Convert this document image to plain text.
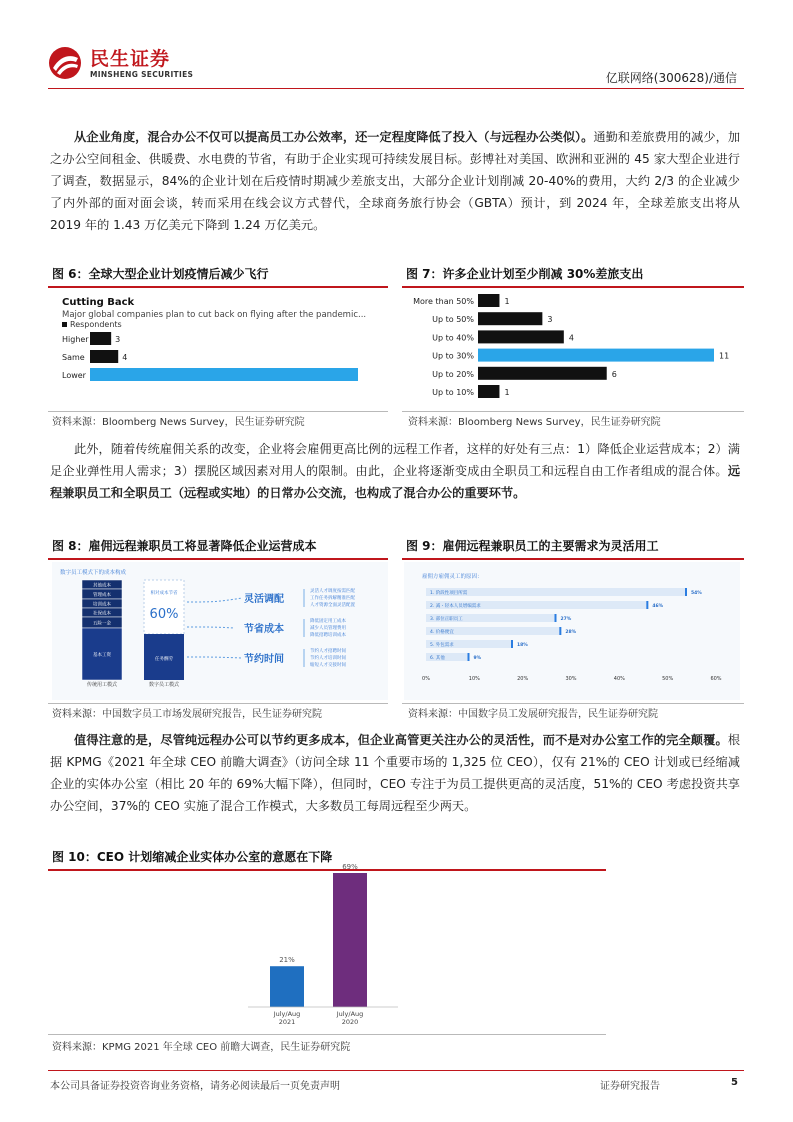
民生证券
MINSHENG SECURITIES	亿联网络(300628)/通信

从企业角度，混合办公不仅可以提高员工办公效率，还一定程度降低了投入（与远程办公类似）。通勤和差旅费用的减少，加之办公空间租金、供暖费、水电费的节省，有助于企业实现可持续发展目标。彭博社对美国、欧洲和亚洲的 45 家大型企业进行了调查，数据显示，84%的企业计划在后疫情时期减少差旅支出，大部分企业计划削减 20-40%的费用，大约 2/3 的企业减少了内外部的面对面会谈，转而采用在线会议方式替代，全球商务旅行协会（GBTA）预计，到 2024 年，全球差旅支出将从 2019 年的 1.43 万亿美元下降到 1.24 万亿美元。

图 6：全球大型企业计划疫情后减少飞行
Cutting Back
Major global companies plan to cut back on flying after the pandemic...
Respondents
Higher	3
Same	4
Lower
资料来源：Bloomberg News Survey，民生证券研究院
图 7：许多企业计划至少削减 30%差旅支出
More than 50%	1
Up to 50%	3
Up to 40%	4
Up to 30%	11
Up to 20%	6
Up to 10%	1
资料来源：Bloomberg News Survey，民生证券研究院

此外，随着传统雇佣关系的改变，企业将会雇佣更高比例的远程工作者，这样的好处有三点：1）降低企业运营成本；2）满足企业弹性用人需求；3）摆脱区域因素对用人的限制。由此，企业将逐渐变成由全职员工和远程自由工作者组成的混合体。远程兼职员工和全职员工（远程或实地）的日常办公交流，也构成了混合办公的重要环节。

图 8：雇佣远程兼职员工将显著降低企业运营成本
数字员工模式下的成本构成
其他成本
管理成本
培训成本
社保成本
五险一金
基本工资
传统用工模式
相对成本节省
60%
任务酬劳
数字员工模式
灵活调配
灵活人才调度按需匹配
工作任务拆解精准匹配
人才资源全面灵活配置
节省成本
降低固定用工成本
减少人员管理费用
降低招聘培训成本
节约时间
节约人才招聘时间
节约人才培训时间
缩短人才交接时间
资料来源：中国数字员工市场发展研究报告，民生证券研究院
图 9：雇佣远程兼职员工的主要需求为灵活用工
雇佣方雇佣灵工的原因：
1. 阶段性项目所需	54%
2. 减・轻本人员增编需求	46%
3. 部位正职员工	27%
4. 价格便宜	28%
5. 外包需求	18%
6. 其他	9%
0%	10%	20%	30%	40%	50%	60%
资料来源：中国数字员工发展研究报告，民生证券研究院

值得注意的是，尽管纯远程办公可以节约更多成本，但企业高管更关注办公的灵活性，而不是对办公室工作的完全颠覆。根据 KPMG《2021 年全球 CEO 前瞻大调查》（访问全球 11 个重要市场的 1,325 位 CEO），仅有 21%的 CEO 计划或已经缩减企业的实体办公室（相比 20 年的 69%大幅下降），但同时，CEO 专注于为员工提供更高的灵活度，51%的 CEO 考虑投资共享办公空间，37%的 CEO 实施了混合工作模式，大多数员工每周远程至少两天。

图 10：CEO 计划缩减企业实体办公室的意愿在下降
21%
July/Aug
2021
69%
July/Aug
2020
资料来源：KPMG 2021 年全球 CEO 前瞻大调查，民生证券研究院
本公司具备证券投资咨询业务资格，请务必阅读最后一页免责声明	证券研究报告	5
